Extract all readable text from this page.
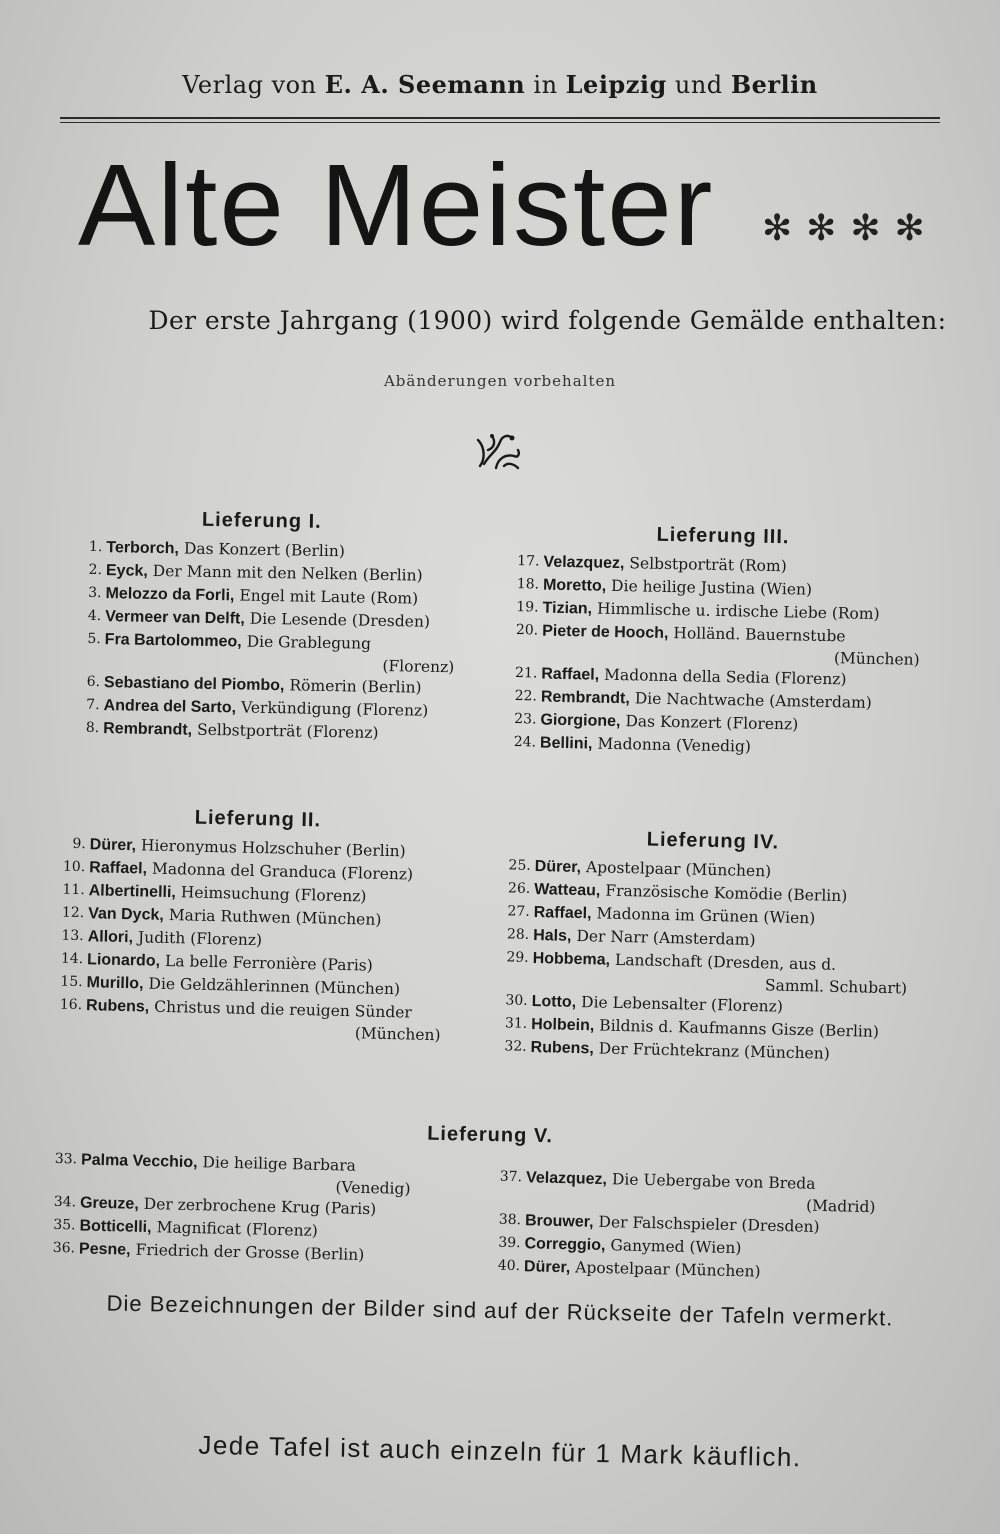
Verlag von E. A. Seemann in Leipzig und Berlin
Alte Meister ✻✻✻✻
Der erste Jahrgang (1900) wird folgende Gemälde enthalten:
Abänderungen vorbehalten
Lieferung I.
1. Terborch, Das Konzert (Berlin)
2. Eyck, Der Mann mit den Nelken (Berlin)
3. Melozzo da Forli, Engel mit Laute (Rom)
4. Vermeer van Delft, Die Lesende (Dresden)
5. Fra Bartolommeo, Die Grablegung
(Florenz)
6. Sebastiano del Piombo, Römerin (Berlin)
7. Andrea del Sarto, Verkündigung (Florenz)
8. Rembrandt, Selbstporträt (Florenz)
Lieferung II.
9. Dürer, Hieronymus Holzschuher (Berlin)
10. Raffael, Madonna del Granduca (Florenz)
11. Albertinelli, Heimsuchung (Florenz)
12. Van Dyck, Maria Ruthwen (München)
13. Allori, Judith (Florenz)
14. Lionardo, La belle Ferronière (Paris)
15. Murillo, Die Geldzählerinnen (München)
16. Rubens, Christus und die reuigen Sünder
(München)
Lieferung III.
17. Velazquez, Selbstporträt (Rom)
18. Moretto, Die heilige Justina (Wien)
19. Tizian, Himmlische u. irdische Liebe (Rom)
20. Pieter de Hooch, Holländ. Bauernstube
(München)
21. Raffael, Madonna della Sedia (Florenz)
22. Rembrandt, Die Nachtwache (Amsterdam)
23. Giorgione, Das Konzert (Florenz)
24. Bellini, Madonna (Venedig)
Lieferung IV.
25. Dürer, Apostelpaar (München)
26. Watteau, Französische Komödie (Berlin)
27. Raffael, Madonna im Grünen (Wien)
28. Hals, Der Narr (Amsterdam)
29. Hobbema, Landschaft (Dresden, aus d.
Samml. Schubart)
30. Lotto, Die Lebensalter (Florenz)
31. Holbein, Bildnis d. Kaufmanns Gisze (Berlin)
32. Rubens, Der Früchtekranz (München)
Lieferung V.
33. Palma Vecchio, Die heilige Barbara
(Venedig)
34. Greuze, Der zerbrochene Krug (Paris)
35. Botticelli, Magnificat (Florenz)
36. Pesne, Friedrich der Grosse (Berlin)
37. Velazquez, Die Uebergabe von Breda
(Madrid)
38. Brouwer, Der Falschspieler (Dresden)
39. Correggio, Ganymed (Wien)
40. Dürer, Apostelpaar (München)
Die Bezeichnungen der Bilder sind auf der Rückseite der Tafeln vermerkt.
Jede Tafel ist auch einzeln für 1 Mark käuflich.
